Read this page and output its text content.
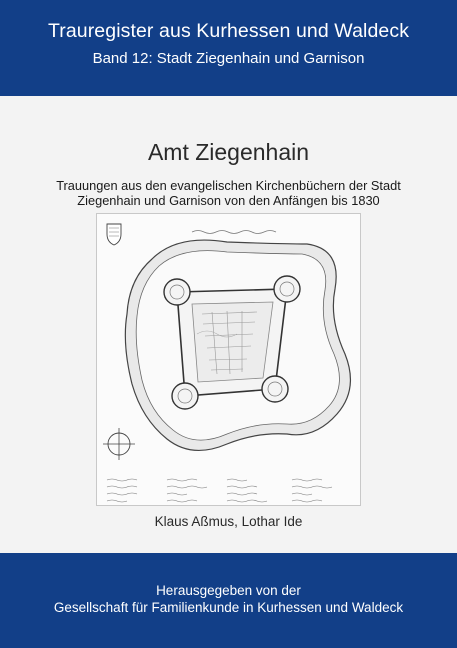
Trauregister aus Kurhessen und Waldeck
Band 12: Stadt Ziegenhain und Garnison
Amt Ziegenhain
Trauungen aus den evangelischen Kirchenbüchern der Stadt
Ziegenhain und Garnison von den Anfängen bis 1830
Klaus Aßmus, Lothar Ide
Herausgegeben von der
Gesellschaft für Familienkunde in Kurhessen und Waldeck
